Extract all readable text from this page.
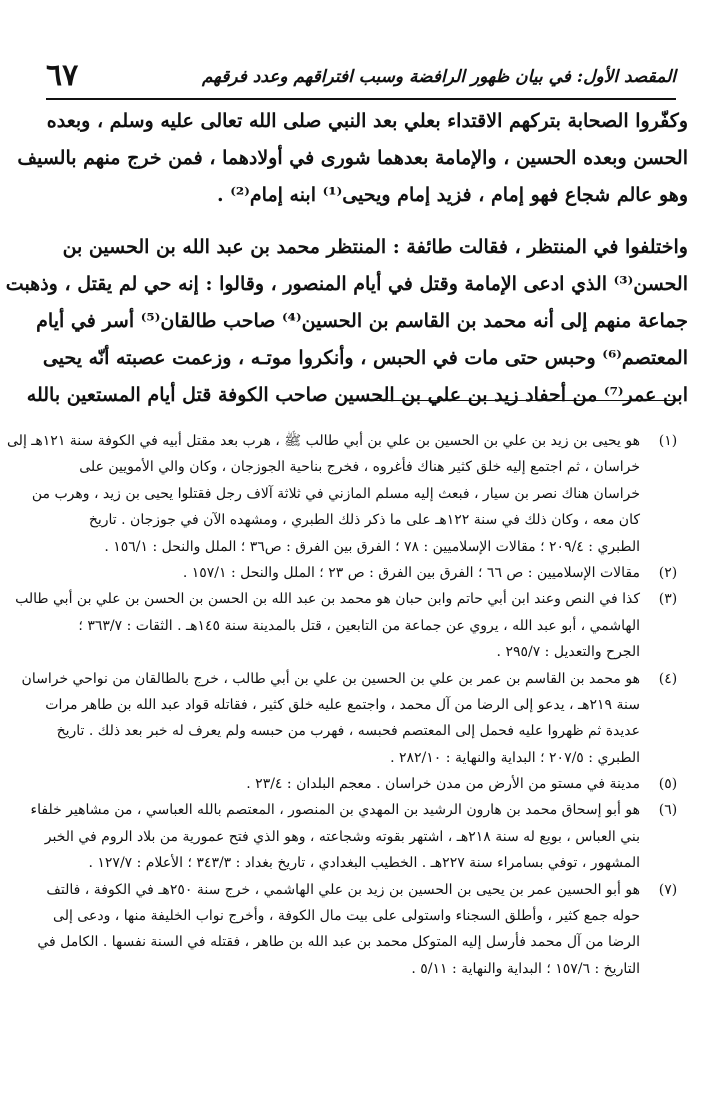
٦٧	المقصد الأول: في بيان ظهور الرافضة وسبب افتراقهم وعدد فرقهم
وكفّروا الصحابة بتركهم الاقتداء بعلي بعد النبي صلى الله تعالى عليه وسلم ، وبعده
الحسن وبعده الحسين ، والإمامة بعدهما شورى في أولادهما ، فمن خرج منهم بالسيف
وهو عالم شجاع فهو إمام ، فزيد إمام ويحيى⁽¹⁾ ابنه إمام⁽²⁾ .
واختلفوا في المنتظر ، فقالت طائفة : المنتظر محمد بن عبد الله بن الحسين بن
الحسن⁽³⁾ الذي ادعى الإمامة وقتل في أيام المنصور ، وقالوا : إنه حي لم يقتل ، وذهبت
جماعة منهم إلى أنه محمد بن القاسم بن الحسين⁽⁴⁾ صاحب طالقان⁽⁵⁾ أسر في أيام
المعتصم⁽⁶⁾ وحبس حتى مات في الحبس ، وأنكروا موتـه ، وزعمت عصبته أنّه يحيى
ابن عمر⁽⁷⁾ من أحفاد زيد بن علي بن الحسين صاحب الكوفة قتل أيام المستعين بالله
(١)
هو يحيى بن زيد بن علي بن الحسين بن علي بن أبي طالب ﷺ ، هرب بعد مقتل أبيه في الكوفة سنة ١٢١هـ إلى
خراسان ، ثم اجتمع إليه خلق كثير هناك فأغروه ، فخرج بناحية الجوزجان ، وكان والي الأمويين على
خراسان هناك نصر بن سيار ، فبعث إليه مسلم المازني في ثلاثة آلاف رجل فقتلوا يحيى بن زيد ، وهرب من
كان معه ، وكان ذلك في سنة ١٢٢هـ على ما ذكر ذلك الطبري ، ومشهده الآن في جوزجان . تاريخ
الطبري : ٢٠٩/٤ ؛ مقالات الإسلاميين : ٧٨ ؛ الفرق بين الفرق : ص٣٦ ؛ الملل والنحل : ١٥٦/١ .
(٢)
مقالات الإسلاميين : ص ٦٦ ؛ الفرق بين الفرق : ص ٢٣ ؛ الملل والنحل : ١٥٧/١ .
(٣)
كذا في النص وعند ابن أبي حاتم وابن حبان هو محمد بن عبد الله بن الحسن بن الحسن بن علي بن أبي طالب
الهاشمي ، أبو عبد الله ، يروي عن جماعة من التابعين ، قتل بالمدينة سنة ١٤٥هـ . الثقات : ٣٦٣/٧ ؛
الجرح والتعديل : ٢٩٥/٧ .
(٤)
هو محمد بن القاسم بن عمر بن علي بن الحسين بن علي بن أبي طالب ، خرج بالطالقان من نواحي خراسان
سنة ٢١٩هـ ، يدعو إلى الرضا من آل محمد ، واجتمع عليه خلق كثير ، فقاتله قواد عبد الله بن طاهر مرات
عديدة ثم ظهروا عليه فحمل إلى المعتصم فحبسه ، فهرب من حبسه ولم يعرف له خبر بعد ذلك . تاريخ
الطبري : ٢٠٧/٥ ؛ البداية والنهاية : ٢٨٢/١٠ .
(٥)
مدينة في مستو من الأرض من مدن خراسان . معجم البلدان : ٢٣/٤ .
(٦)
هو أبو إسحاق محمد بن هارون الرشيد بن المهدي بن المنصور ، المعتصم بالله العباسي ، من مشاهير خلفاء
بني العباس ، بويع له سنة ٢١٨هـ ، اشتهر بقوته وشجاعته ، وهو الذي فتح عمورية من بلاد الروم في الخبر
المشهور ، توفي بسامراء سنة ٢٢٧هـ . الخطيب البغدادي ، تاريخ بغداد : ٣٤٣/٣ ؛ الأعلام : ١٢٧/٧ .
(٧)
هو أبو الحسين عمر بن يحيى بن الحسين بن زيد بن علي الهاشمي ، خرج سنة ٢٥٠هـ في الكوفة ، فالتف
حوله جمع كثير ، وأطلق السجناء واستولى على بيت مال الكوفة ، وأخرج نواب الخليفة منها ، ودعى إلى
الرضا من آل محمد فأرسل إليه المتوكل محمد بن عبد الله بن طاهر ، فقتله في السنة نفسها . الكامل في
التاريخ : ١٥٧/٦ ؛ البداية والنهاية : ٥/١١ .
